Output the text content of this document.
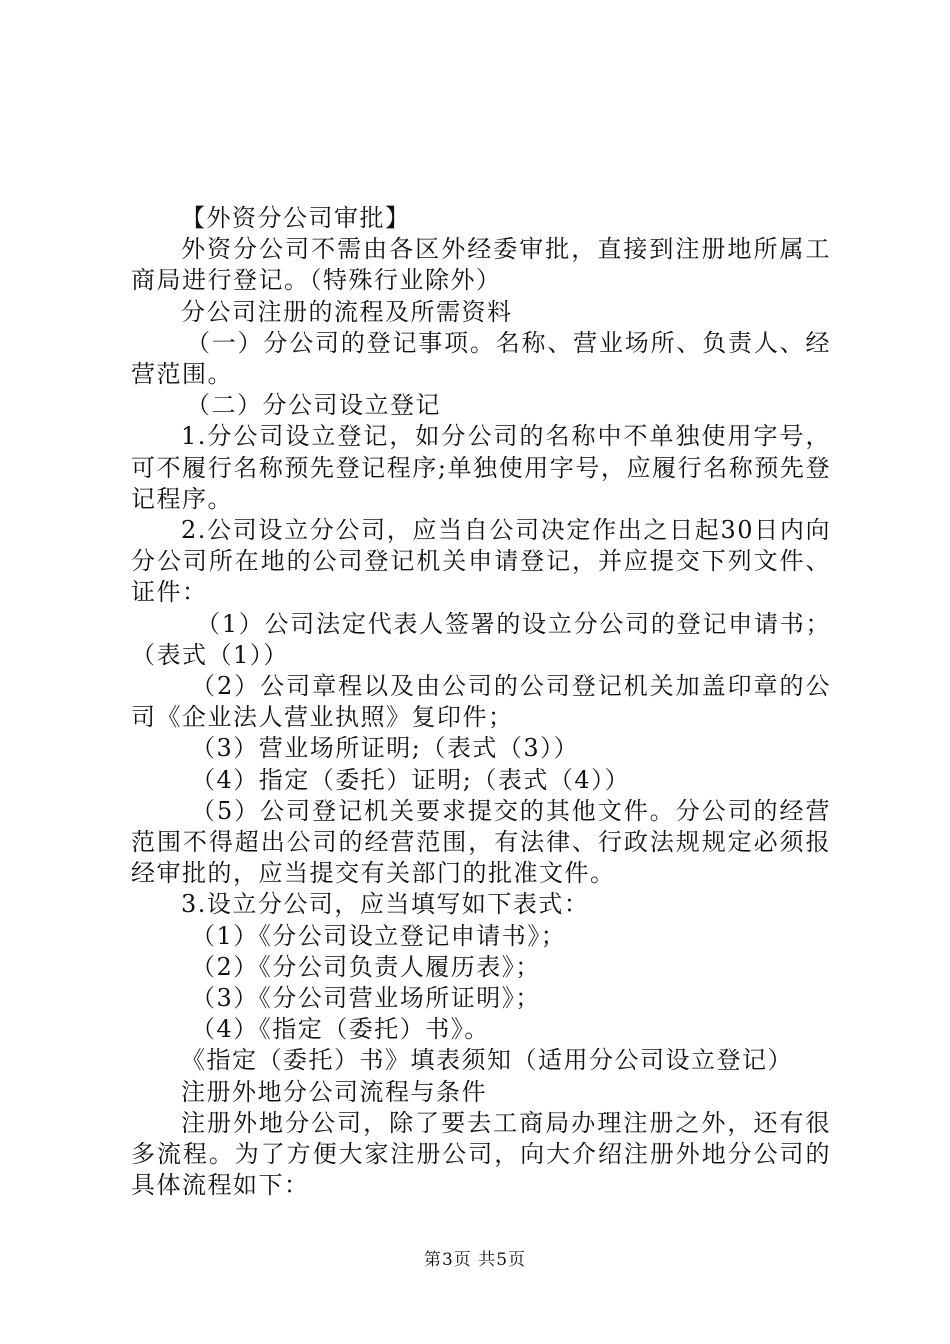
【外资分公司审批】

外资分公司不需由各区外经委审批，直接到注册地所属工商局进行登记。（特殊行业除外）

分公司注册的流程及所需资料

（一）分公司的登记事项。名称、营业场所、负责人、经营范围。

（二）分公司设立登记

1.分公司设立登记，如分公司的名称中不单独使用字号，可不履行名称预先登记程序;单独使用字号，应履行名称预先登记程序。

2.公司设立分公司，应当自公司决定作出之日起30日内向分公司所在地的公司登记机关申请登记，并应提交下列文件、证件：

（1）公司法定代表人签署的设立分公司的登记申请书；（表式（1））

（2）公司章程以及由公司的公司登记机关加盖印章的公司《企业法人营业执照》复印件；

（3）营业场所证明;（表式（3））

（4）指定（委托）证明;（表式（4））

（5）公司登记机关要求提交的其他文件。分公司的经营范围不得超出公司的经营范围，有法律、行政法规规定必须报经审批的，应当提交有关部门的批准文件。

3.设立分公司，应当填写如下表式：

（1）《分公司设立登记申请书》；

（2）《分公司负责人履历表》；

（3）《分公司营业场所证明》；

（4）《指定（委托）书》。

《指定（委托）书》填表须知（适用分公司设立登记）

注册外地分公司流程与条件

注册外地分公司，除了要去工商局办理注册之外，还有很多流程。为了方便大家注册公司，向大介绍注册外地分公司的具体流程如下：

第3页 共5页
